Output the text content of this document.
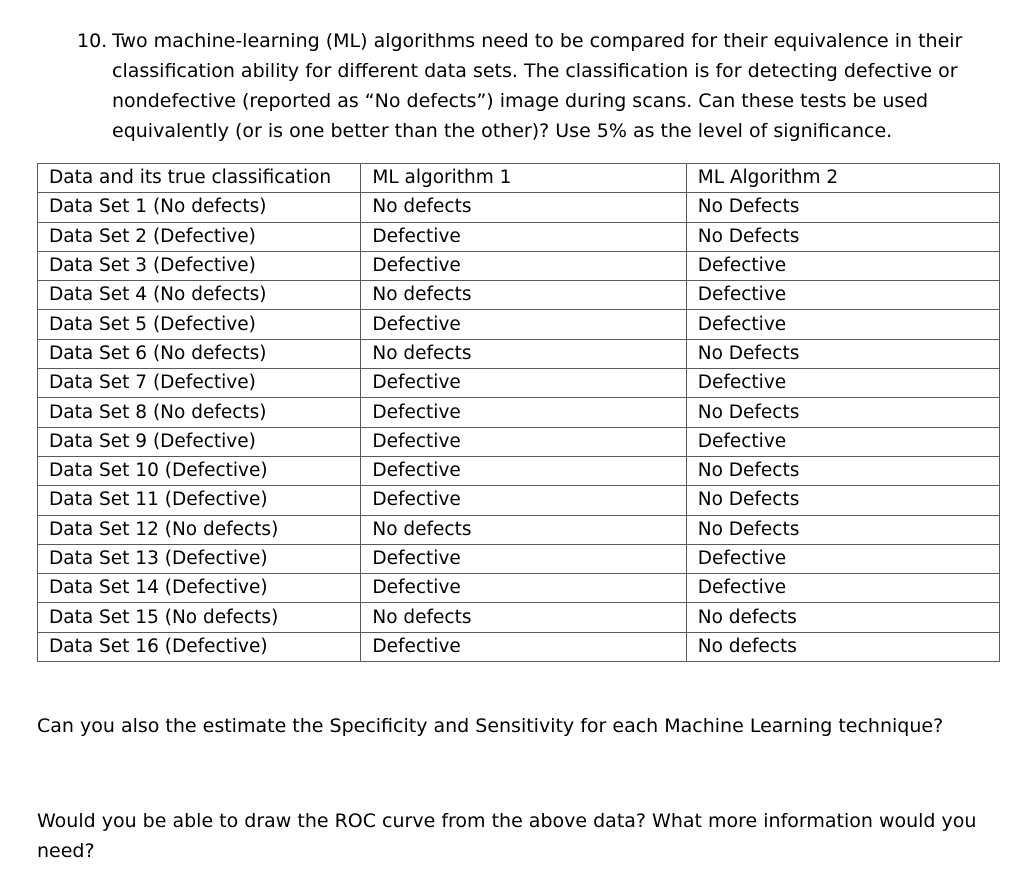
10. Two machine-learning (ML) algorithms need to be compared for their equivalence in their classification ability for different data sets. The classification is for detecting defective or nondefective (reported as “No defects”) image during scans. Can these tests be used equivalently (or is one better than the other)? Use 5% as the level of significance.
Data and its true classification	ML algorithm 1	ML Algorithm 2
Data Set 1 (No defects)	No defects	No Defects
Data Set 2 (Defective)	Defective	No Defects
Data Set 3 (Defective)	Defective	Defective
Data Set 4 (No defects)	No defects	Defective
Data Set 5 (Defective)	Defective	Defective
Data Set 6 (No defects)	No defects	No Defects
Data Set 7 (Defective)	Defective	Defective
Data Set 8 (No defects)	Defective	No Defects
Data Set 9 (Defective)	Defective	Defective
Data Set 10 (Defective)	Defective	No Defects
Data Set 11 (Defective)	Defective	No Defects
Data Set 12 (No defects)	No defects	No Defects
Data Set 13 (Defective)	Defective	Defective
Data Set 14 (Defective)	Defective	Defective
Data Set 15 (No defects)	No defects	No defects
Data Set 16 (Defective)	Defective	No defects

Can you also the estimate the Specificity and Sensitivity for each Machine Learning technique?

Would you be able to draw the ROC curve from the above data? What more information would you need?
